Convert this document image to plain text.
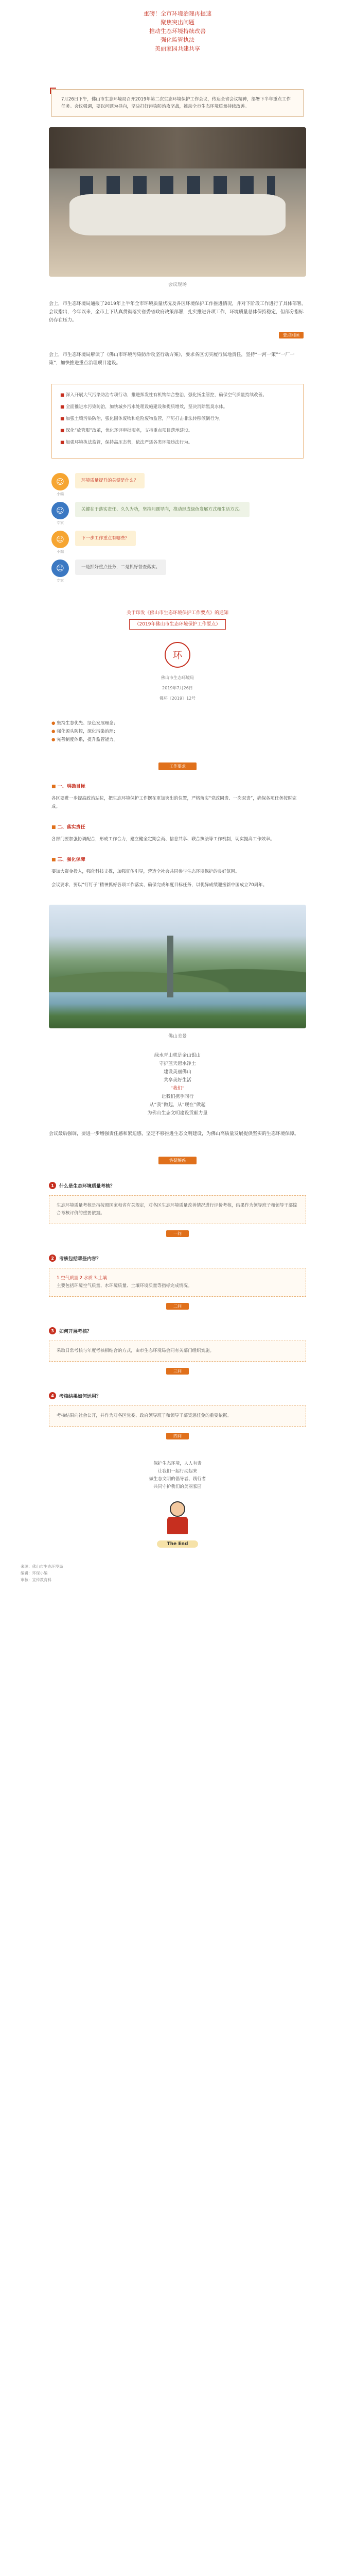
重磅！全市环境治理再提速
聚焦突出问题
推动生态环境持续改善
强化监管执法
美丽家园共建共享
7月26日下午，佛山市生态环境局召开2019年第二次生态环境保护工作会议，传达全省会议精神，部署下半年重点工作任务。会议强调，要以问题为导向，坚决打好污染防治攻坚战，推动全市生态环境质量持续改善。
会议现场
会上，市生态环境局通报了2019年上半年全市环境质量状况及各区环境保护工作推进情况，并对下阶段工作进行了具体部署。会议指出，今年以来，全市上下认真贯彻落实省委省政府决策部署，扎实推进各项工作，环境质量总体保持稳定，但部分指标仍存在压力。
要点回顾
会上，市生态环境局解读了《佛山市环境污染防治攻坚行动方案》，要求各区切实履行属地责任，坚持“一河一策”“一厂一策”，加快推进重点治理项目建设。

■ 深入开展大气污染防治专项行动，推进挥发性有机物综合整治，强化扬尘管控，确保空气质量持续改善。

■ 全面推进水污染防治，加快城乡污水处理设施建设和提质增效，坚决消除黑臭水体。

■ 加强土壤污染防治，强化固体废物和危险废物监管，严厉打击非法转移倾倒行为。

■ 深化“放管服”改革，优化环评审批服务，支持重点项目落地建设。

■ 加强环境执法监管，保持高压态势，依法严惩各类环境违法行为。

☺
小编
环境质量提升的关键是什么？
☺
专家
关键在于落实责任、久久为功，坚持问题导向，推动形成绿色发展方式和生活方式。
☺
小编
下一步工作重点有哪些？
☺
专家
一是抓好重点任务，二是抓好督查落实。
关于印发《佛山市生态环境保护工作要点》的通知
（2019年佛山市生态环境保护工作要点）
环
佛山市生态环境局
2019年7月26日
佛环〔2019〕12号
● 坚持生态优先、绿色发展理念；
● 强化源头防控，深化污染治理；
● 完善制度体系，提升监管能力。
工作要求
■ 一、明确目标
各区要进一步提高政治站位，把生态环境保护工作摆在更加突出的位置，严格落实“党政同责、一岗双责”，确保各项任务按时完成。
■ 二、落实责任
各部门要加强协调配合，形成工作合力，建立健全定期会商、信息共享、联合执法等工作机制，切实提高工作效率。
■ 三、强化保障
要加大资金投入，强化科技支撑，加强宣传引导，营造全社会共同参与生态环境保护的良好氛围。
会议要求，要以“钉钉子”精神抓好各项工作落实，确保完成年度目标任务，以优异成绩迎接新中国成立70周年。
佛山美景
绿水青山就是金山银山
守护蓝天碧水净土
建设美丽佛山
共享美好生活
“我们”
让我们携手同行
从“我”做起，从“现在”做起
为佛山生态文明建设贡献力量
会议最后强调，要进一步增强责任感和紧迫感，坚定不移推进生态文明建设，为佛山高质量发展提供坚实的生态环境保障。
答疑解惑
1	什么是生态环境质量考核？
生态环境质量考核是指按照国家和省有关规定，对各区生态环境质量改善情况进行评价考核，结果作为领导班子和领导干部综合考核评价的重要依据。
一问
2	考核包括哪些内容？
1.空气质量 2.水质 3.土壤
主要包括环境空气质量、水环境质量、土壤环境质量等指标完成情况。
二问
3	如何开展考核？
采取日常考核与年度考核相结合的方式，由市生态环境局会同有关部门组织实施。
三问
4	考核结果如何运用？
考核结果向社会公开，并作为对各区党委、政府领导班子和领导干部奖惩任免的重要依据。
四问
保护生态环境，人人有责
让我们一起行动起来
做生态文明的倡导者、践行者
共同守护我们的美丽家园
The End
来源：佛山市生态环境局
编辑：环保小编
审核：宣传教育科
